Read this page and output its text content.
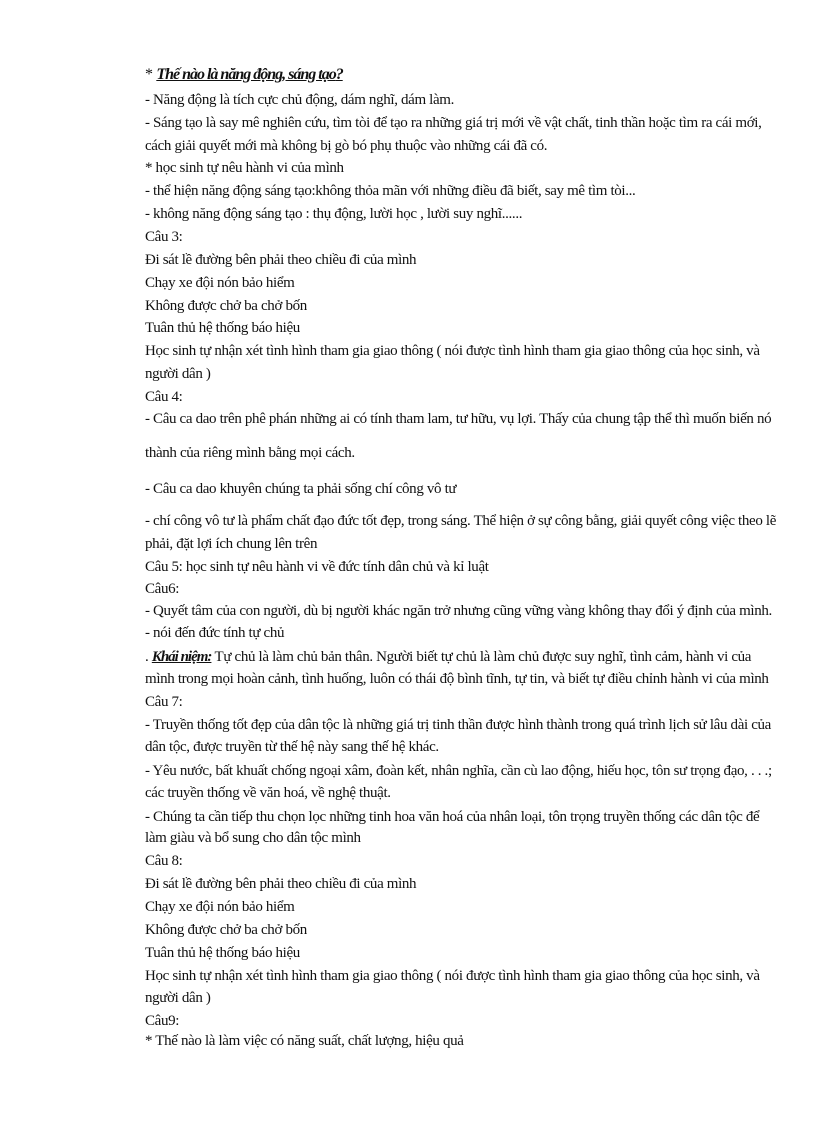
* Thế nào là năng động, sáng tạo?
- Năng động là tích cực chủ động, dám nghĩ, dám làm.
- Sáng tạo là say mê nghiên cứu, tìm tòi để tạo ra những giá trị mới về vật chất, tinh thần hoặc tìm ra cái mới,
cách giải quyết mới mà không bị gò bó phụ thuộc vào những cái đã có.
* học sinh tự nêu hành vi của mình
- thể hiện năng động sáng tạo:không thỏa mãn với những điều đã biết, say mê tìm tòi...
- không năng động sáng tạo : thụ động, lười học , lười suy nghĩ......
Câu 3:
Đi sát lề đường bên phải theo chiều đi của mình
Chạy xe đội nón bảo hiểm
Không được chở ba chở bốn
Tuân thủ hệ thống báo hiệu
Học sinh tự nhận xét tình hình tham gia giao thông ( nói được tình hình tham gia giao thông của học sinh, và
người dân )
Câu 4:
- Câu ca dao trên phê phán những ai có tính tham lam, tư hữu, vụ lợi. Thấy của chung tập thể thì muốn biến nó
thành của riêng mình bằng mọi cách.
- Câu ca dao khuyên chúng ta phải sống chí công vô tư
- chí công vô tư là phẩm chất đạo đức tốt đẹp, trong sáng. Thể hiện ở sự công bằng, giải quyết công việc theo lẽ
phải, đặt lợi ích chung lên trên
Câu 5: học sinh tự nêu hành vi về đức tính dân chủ và kỉ luật
Câu6:
- Quyết tâm của con người, dù bị người khác ngăn trở nhưng cũng vững vàng không thay đổi ý định của mình.
- nói đến đức tính tự chủ
mình trong mọi hoàn cảnh, tình huống, luôn có thái độ bình tĩnh, tự tin, và biết tự điều chỉnh hành vi của mình
Câu 7:
- Truyền thống tốt đẹp của dân tộc là những giá trị tinh thần được hình thành trong quá trình lịch sử lâu dài của
dân tộc, được truyền từ thế hệ này sang thế hệ khác.
- Yêu nước, bất khuất chống ngoại xâm, đoàn kết, nhân nghĩa, cần cù lao động, hiếu học, tôn sư trọng đạo, . . .;
các truyền thống về văn hoá, về nghệ thuật.
- Chúng ta cần tiếp thu chọn lọc những tinh hoa văn hoá của nhân loại, tôn trọng truyền thống các dân tộc để
làm giàu và bổ sung cho dân tộc mình
Câu 8:
Đi sát lề đường bên phải theo chiều đi của mình
Chạy xe đội nón bảo hiểm
Không được chở ba chở bốn
Tuân thủ hệ thống báo hiệu
Học sinh tự nhận xét tình hình tham gia giao thông ( nói được tình hình tham gia giao thông của học sinh, và
người dân )
Câu9:
* Thế nào là làm việc có năng suất, chất lượng, hiệu quả
. Khái niệm: Tự chủ là làm chủ bản thân. Người biết tự chủ là làm chủ được suy nghĩ, tình cảm, hành vi của
